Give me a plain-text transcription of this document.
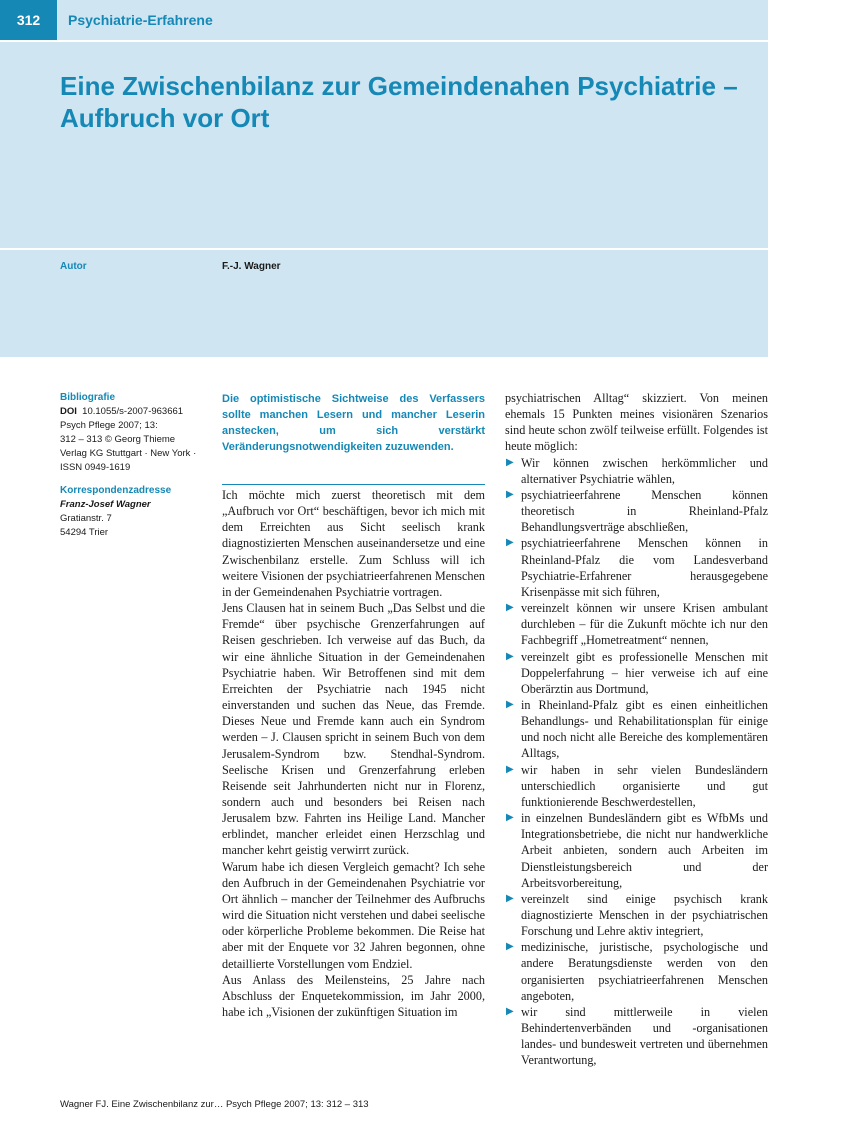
312	Psychiatrie-Erfahrene
Eine Zwischenbilanz zur Gemeindenahen Psychiatrie – Aufbruch vor Ort
Autor	F.-J. Wagner
Bibliografie
DOI 10.1055/s-2007-963661
Psych Pflege 2007; 13:
312 – 313 © Georg Thieme
Verlag KG Stuttgart · New York ·
ISSN 0949-1619
Korrespondenzadresse
Franz-Josef Wagner
Gratianstr. 7
54294 Trier

Die optimistische Sichtweise des Verfassers sollte manchen Lesern und mancher Leserin anstecken, um sich verstärkt Veränderungsnotwendigkeiten zuzuwenden.

Ich möchte mich zuerst theoretisch mit dem „Aufbruch vor Ort“ beschäftigen, bevor ich mich mit dem Erreichten aus Sicht seelisch krank diagnostizierten Menschen auseinandersetze und eine Zwischenbilanz erstelle. Zum Schluss will ich weitere Visionen der psychiatrieerfahrenen Menschen in der Gemeindenahen Psychiatrie vortragen.

Jens Clausen hat in seinem Buch „Das Selbst und die Fremde“ über psychische Grenzerfahrungen auf Reisen geschrieben. Ich verweise auf das Buch, da wir eine ähnliche Situation in der Gemeindenahen Psychiatrie haben. Wir Betroffenen sind mit dem Erreichten der Psychiatrie nach 1945 nicht einverstanden und suchen das Neue, das Fremde. Dieses Neue und Fremde kann auch ein Syndrom werden – J. Clausen spricht in seinem Buch von dem Jerusalem-Syndrom bzw. Stendhal-Syndrom. Seelische Krisen und Grenzerfahrung erleben Reisende seit Jahrhunderten nicht nur in Florenz, sondern auch und besonders bei Reisen nach Jerusalem bzw. Fahrten ins Heilige Land. Mancher erblindet, mancher erleidet einen Herzschlag und mancher kehrt geistig verwirrt zurück.

Warum habe ich diesen Vergleich gemacht? Ich sehe den Aufbruch in der Gemeindenahen Psychiatrie vor Ort ähnlich – mancher der Teilnehmer des Aufbruchs wird die Situation nicht verstehen und dabei seelische oder körperliche Probleme bekommen. Die Reise hat aber mit der Enquete vor 32 Jahren begonnen, ohne detaillierte Vorstellungen vom Endziel.

Aus Anlass des Meilensteins, 25 Jahre nach Abschluss der Enquetekommission, im Jahr 2000, habe ich „Visionen der zukünftigen Situation im

psychiatrischen Alltag“ skizziert. Von meinen ehemals 15 Punkten meines visionären Szenarios sind heute schon zwölf teilweise erfüllt. Folgendes ist heute möglich:

▶ Wir können zwischen herkömmlicher und alternativer Psychiatrie wählen,
▶ psychiatrieerfahrene Menschen können theoretisch in Rheinland-Pfalz Behandlungsverträge abschließen,
▶ psychiatrieerfahrene Menschen können in Rheinland-Pfalz die vom Landesverband Psychiatrie-Erfahrener herausgegebene Krisenpässe mit sich führen,
▶ vereinzelt können wir unsere Krisen ambulant durchleben – für die Zukunft möchte ich nur den Fachbegriff „Hometreatment“ nennen,
▶ vereinzelt gibt es professionelle Menschen mit Doppelerfahrung – hier verweise ich auf eine Oberärztin aus Dortmund,
▶ in Rheinland-Pfalz gibt es einen einheitlichen Behandlungs- und Rehabilitationsplan für einige und noch nicht alle Bereiche des komplementären Alltags,
▶ wir haben in sehr vielen Bundesländern unterschiedlich organisierte und gut funktionierende Beschwerdestellen,
▶ in einzelnen Bundesländern gibt es WfbMs und Integrationsbetriebe, die nicht nur handwerkliche Arbeit anbieten, sondern auch Arbeiten im Dienstleistungsbereich und der Arbeitsvorbereitung,
▶ vereinzelt sind einige psychisch krank diagnostizierte Menschen in der psychiatrischen Forschung und Lehre aktiv integriert,
▶ medizinische, juristische, psychologische und andere Beratungsdienste werden von den organisierten psychiatrieerfahrenen Menschen angeboten,
▶ wir sind mittlerweile in vielen Behindertenverbänden und -organisationen landes- und bundesweit vertreten und übernehmen Verantwortung,
Wagner FJ. Eine Zwischenbilanz zur… Psych Pflege 2007; 13: 312 – 313
